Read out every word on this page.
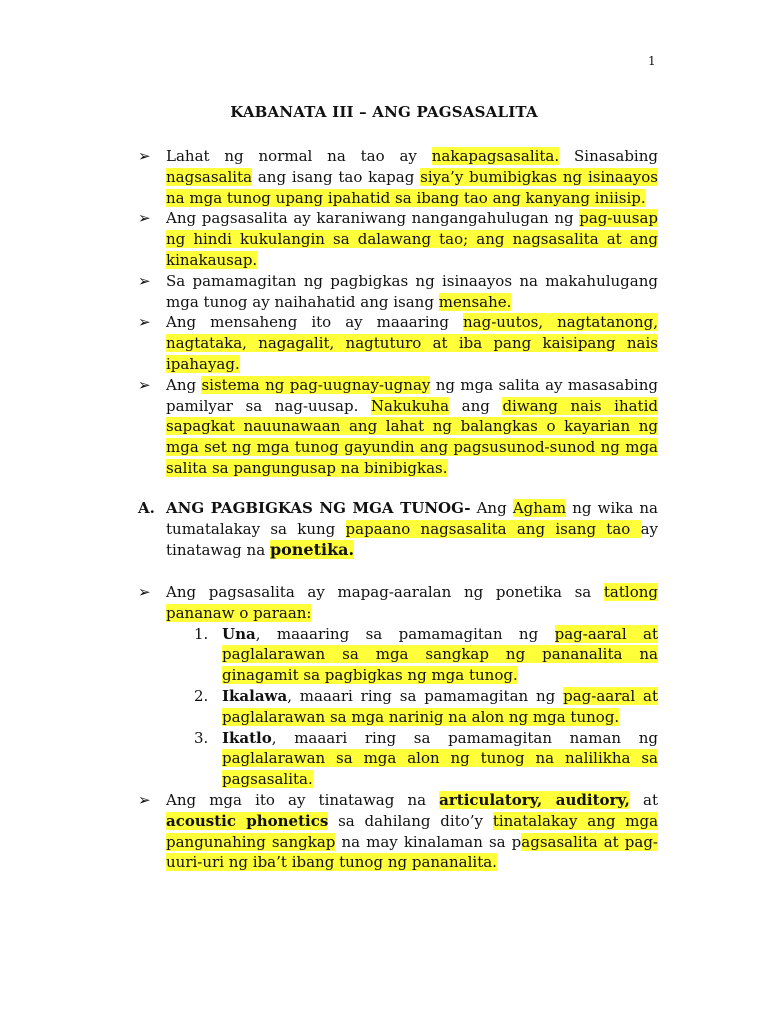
1
KABANATA III – ANG PAGSASALITA
➢ Lahat ng normal na tao ay nakapagsasalita. Sinasabing nagsasalita ang isang tao kapag siya’y bumibigkas ng isinaayos na mga tunog upang ipahatid sa ibang tao ang kanyang iniisip.
➢ Ang pagsasalita ay karaniwang nangangahulugan ng pag-uusap ng hindi kukulangin sa dalawang tao; ang nagsasalita at ang kinakausap.
➢ Sa pamamagitan ng pagbigkas ng isinaayos na makahulugang mga tunog ay naihahatid ang isang mensahe.
➢ Ang mensaheng ito ay maaaring nag-uutos, nagtatanong, nagtataka, nagagalit, nagtuturo at iba pang kaisipang nais ipahayag.
➢ Ang sistema ng pag-uugnay-ugnay ng mga salita ay masasabing pamilyar sa nag-uusap. Nakukuha ang diwang nais ihatid sapagkat nauunawaan ang lahat ng balangkas o kayarian ng mga set ng mga tunog gayundin ang pagsusunod-sunod ng mga salita sa pangungusap na binibigkas.
A. ANG PAGBIGKAS NG MGA TUNOG- Ang Agham ng wika na tumatalakay sa kung papaano nagsasalita ang isang tao ay tinatawag na ponetika.
➢ Ang pagsasalita ay mapag-aaralan ng ponetika sa tatlong pananaw o paraan:
1. Una, maaaring sa pamamagitan ng pag-aaral at paglalarawan sa mga sangkap ng pananalita na ginagamit sa pagbigkas ng mga tunog.
2. Ikalawa, maaari ring sa pamamagitan ng pag-aaral at paglalarawan sa mga narinig na alon ng mga tunog.
3. Ikatlo, maaari ring sa pamamagitan naman ng paglalarawan sa mga alon ng tunog na nalilikha sa pagsasalita.
➢ Ang mga ito ay tinatawag na articulatory, auditory, at acoustic phonetics sa dahilang dito’y tinatalakay ang mga pangunahing sangkap na may kinalaman sa pagsasalita at pag-uuri-uri ng iba’t ibang tunog ng pananalita.
